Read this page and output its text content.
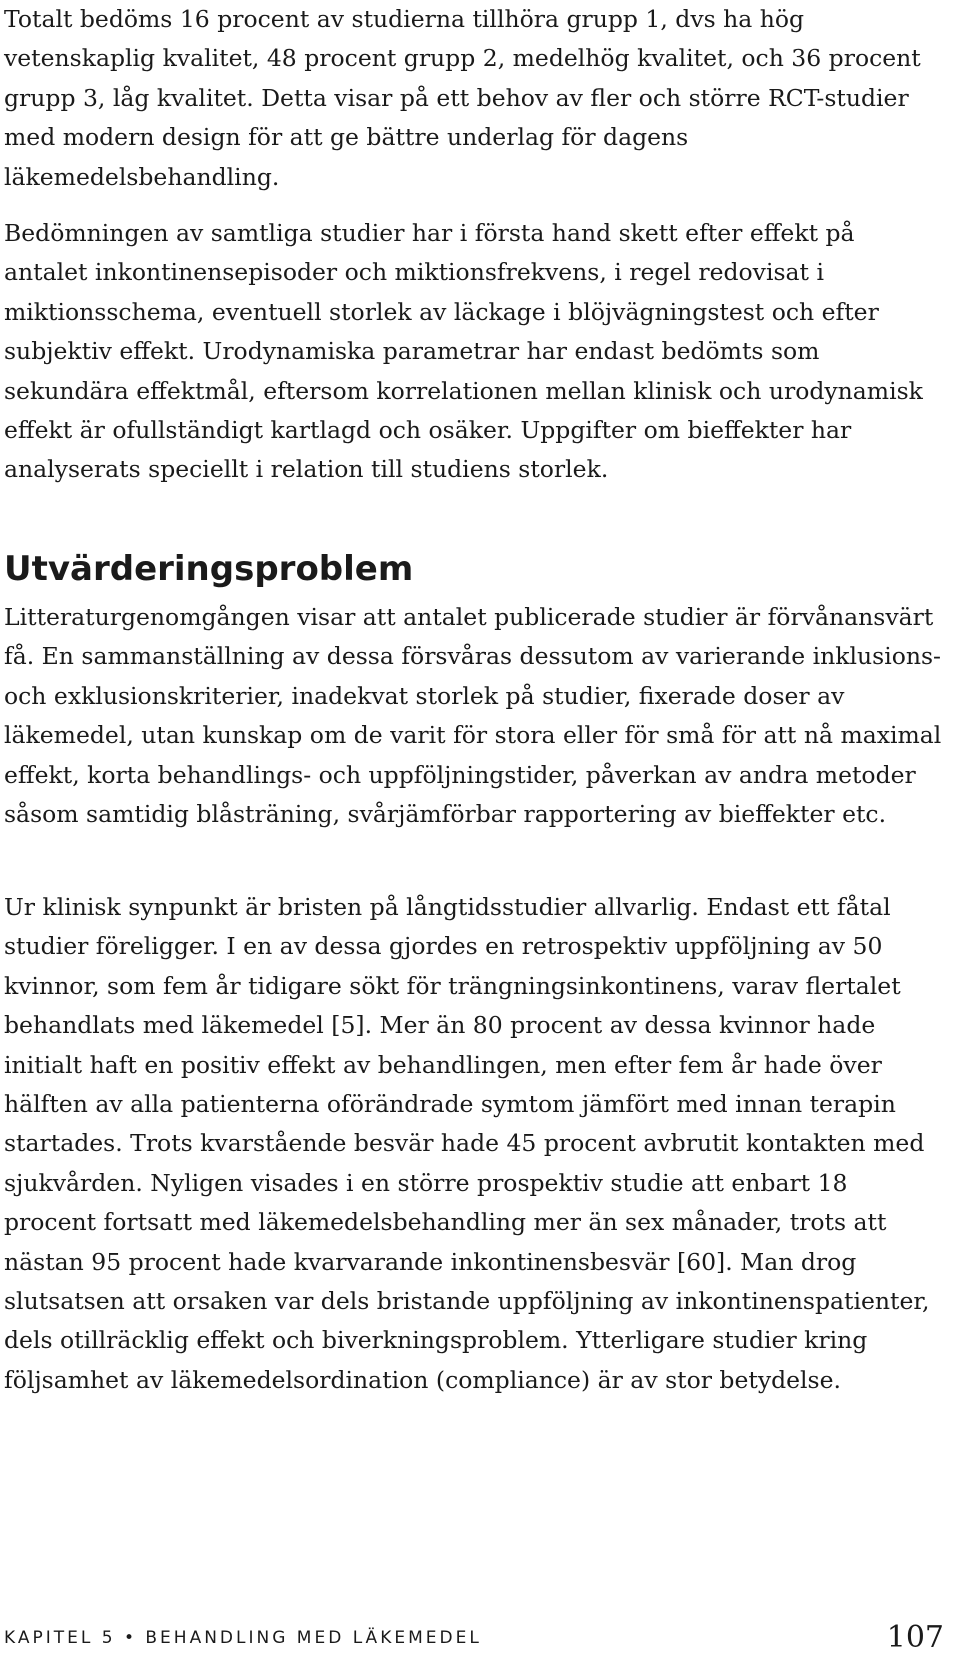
Totalt bedöms 16 procent av studierna tillhöra grupp 1, dvs ha hög vetenskaplig kvalitet, 48 procent grupp 2, medelhög kvalitet, och 36 procent grupp 3, låg kvalitet. Detta visar på ett behov av fler och större RCT-studier med modern design för att ge bättre underlag för dagens läkemedelsbehandling.

Bedömningen av samtliga studier har i första hand skett efter effekt på antalet inkontinensepisoder och miktionsfrekvens, i regel redovisat i miktionsschema, eventuell storlek av läckage i blöjvägningstest och efter subjektiv effekt. Urodynamiska parametrar har endast bedömts som sekundära effektmål, eftersom korrelationen mellan klinisk och urodynamisk effekt är ofullständigt kartlagd och osäker. Uppgifter om bieffekter har analyserats speciellt i relation till studiens storlek.

Utvärderingsproblem

Litteraturgenomgången visar att antalet publicerade studier är förvånansvärt få. En sammanställning av dessa försvåras dessutom av varierande inklusions- och exklusionskriterier, inadekvat storlek på studier, fixerade doser av läkemedel, utan kunskap om de varit för stora eller för små för att nå maximal effekt, korta behandlings- och uppföljningstider, påverkan av andra metoder såsom samtidig blåsträning, svårjämförbar rapportering av bieffekter etc.

Ur klinisk synpunkt är bristen på långtidsstudier allvarlig. Endast ett fåtal studier föreligger. I en av dessa gjordes en retrospektiv uppföljning av 50 kvinnor, som fem år tidigare sökt för trängningsinkontinens, varav flertalet behandlats med läkemedel [5]. Mer än 80 procent av dessa kvinnor hade initialt haft en positiv effekt av behandlingen, men efter fem år hade över hälften av alla patienterna oförändrade symtom jämfört med innan terapin startades. Trots kvarstående besvär hade 45 procent avbrutit kontakten med sjukvården. Nyligen visades i en större prospektiv studie att enbart 18 procent fortsatt med läkemedelsbehandling mer än sex månader, trots att nästan 95 procent hade kvarvarande inkontinensbesvär [60]. Man drog slutsatsen att orsaken var dels bristande uppföljning av inkontinenspatienter, dels otillräcklig effekt och biverkningsproblem. Ytterligare studier kring följsamhet av läkemedelsordination (compliance) är av stor betydelse.

KAPITEL 5 • BEHANDLING MED LÄKEMEDEL	107
